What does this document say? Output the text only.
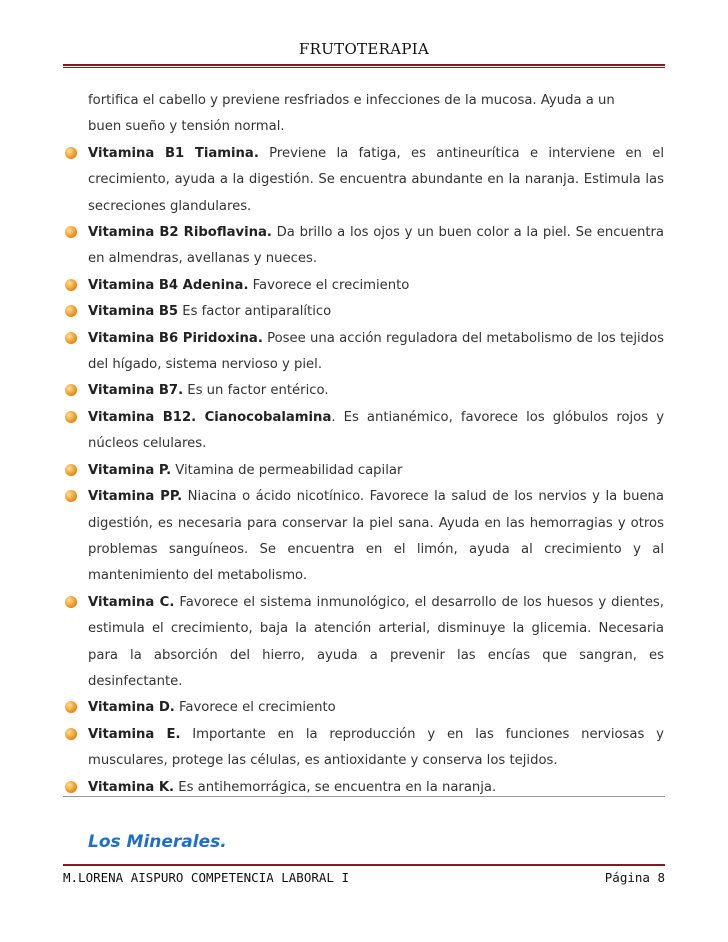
FRUTOTERAPIA

fortifica el cabello y previene resfriados e infecciones de la mucosa. Ayuda a un

buen sueño y tensión normal.

Vitamina B1 Tiamina. Previene la fatiga, es antineurítica e interviene en el crecimiento, ayuda a la digestión. Se encuentra abundante en la naranja. Estimula las secreciones glandulares.

Vitamina B2 Riboflavina. Da brillo a los ojos y un buen color a la piel. Se encuentra en almendras, avellanas y nueces.

Vitamina B4 Adenina. Favorece el crecimiento

Vitamina B5 Es factor antiparalítico

Vitamina B6 Piridoxina. Posee una acción reguladora del metabolismo de los tejidos del hígado, sistema nervioso y piel.

Vitamina B7. Es un factor entérico.

Vitamina B12. Cianocobalamina. Es antianémico, favorece los glóbulos rojos y núcleos celulares.

Vitamina P. Vitamina de permeabilidad capilar

Vitamina PP. Niacina o ácido nicotínico. Favorece la salud de los nervios y la buena digestión, es necesaria para conservar la piel sana. Ayuda en las hemorragias y otros problemas sanguíneos. Se encuentra en el limón, ayuda al crecimiento y al mantenimiento del metabolismo.

Vitamina C. Favorece el sistema inmunológico, el desarrollo de los huesos y dientes, estimula el crecimiento, baja la atención arterial, disminuye la glicemia. Necesaria para la absorción del hierro, ayuda a prevenir las encías que sangran, es desinfectante.

Vitamina D. Favorece el crecimiento

Vitamina E. Importante en la reproducción y en las funciones nerviosas y musculares, protege las células, es antioxidante y conserva los tejidos.

Vitamina K. Es antihemorrágica, se encuentra en la naranja.

Los Minerales.
M.LORENA AISPURO COMPETENCIA LABORAL I	Página 8
